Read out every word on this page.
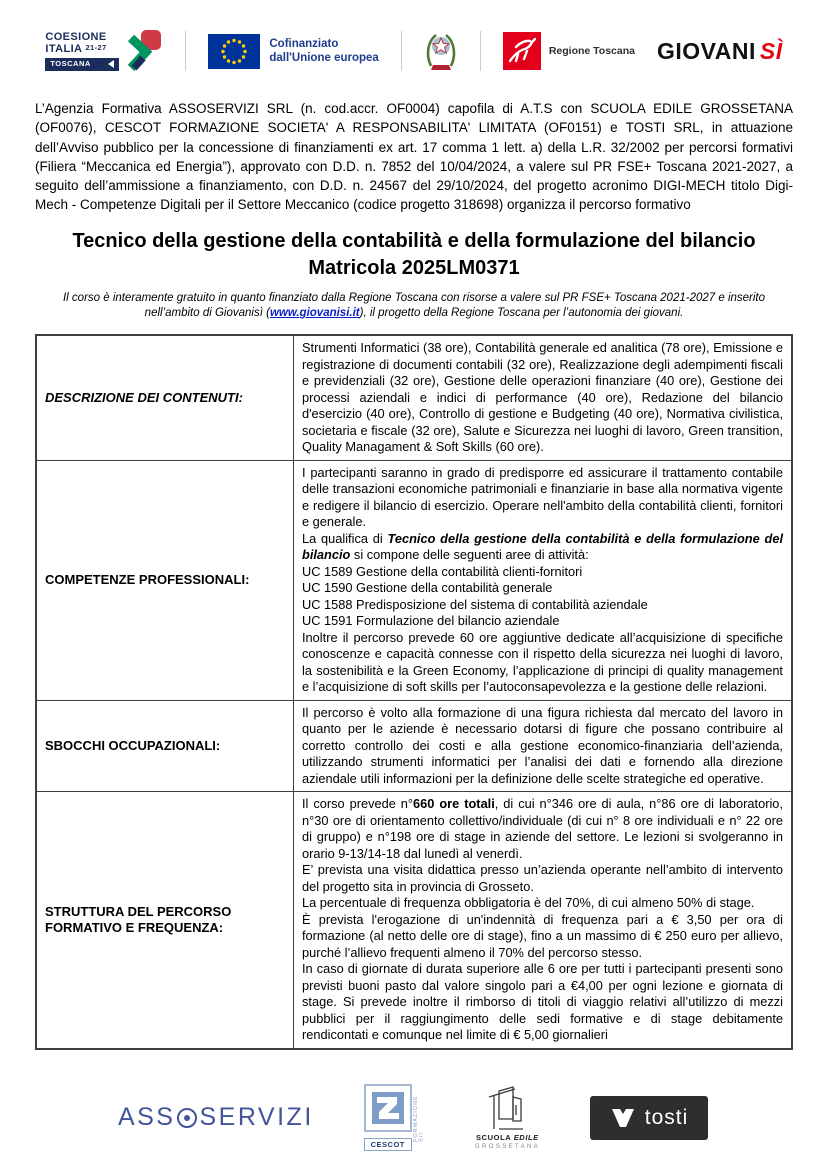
COESIONE
ITALIA $^{21-27}$
TOSCANA
Cofinanziato
dall'Unione europea
Regione Toscana GIOVANI SÌ

L’Agenzia Formativa ASSOSERVIZI SRL (n. cod.accr. OF0004) capofila di A.T.S con SCUOLA EDILE GROSSETANA (OF0076), CESCOT FORMAZIONE SOCIETA' A RESPONSABILITA' LIMITATA (OF0151) e TOSTI SRL, in attuazione dell’Avviso pubblico per la concessione di finanziamenti ex art. 17 comma 1 lett. a) della L.R. 32/2002 per percorsi formativi (Filiera “Meccanica ed Energia”), approvato con D.D. n. 7852 del 10/04/2024, a valere sul PR FSE+ Toscana 2021-2027, a seguito dell’ammissione a finanziamento, con D.D. n. 24567 del 29/10/2024, del progetto acronimo DIGI-MECH titolo Digi-Mech - Competenze Digitali per il Settore Meccanico (codice progetto 318698) organizza il percorso formativo

Tecnico della gestione della contabilità e della formulazione del bilancio
Matricola 2025LM0371

Il corso è interamente gratuito in quanto finanziato dalla Regione Toscana con risorse a valere sul PR FSE+ Toscana 2021-2027 e inserito nell’ambito di Giovanisì (www.giovanisi.it), il progetto della Regione Toscana per l’autonomia dei giovani.

DESCRIZIONE DEI CONTENUTI:	Strumenti Informatici (38 ore), Contabilità generale ed analitica (78 ore), Emissione e registrazione di documenti contabili (32 ore), Realizzazione degli adempimenti fiscali e previdenziali (32 ore), Gestione delle operazioni finanziare (40 ore), Gestione dei processi aziendali e indici di performance (40 ore), Redazione del bilancio d'esercizio (40 ore), Controllo di gestione e Budgeting (40 ore), Normativa civilistica, societaria e fiscale (32 ore), Salute e Sicurezza nei luoghi di lavoro, Green transition, Quality Managament & Soft Skills (60 ore).

COMPETENZE PROFESSIONALI:	
I partecipanti saranno in grado di predisporre ed assicurare il trattamento contabile delle transazioni economiche patrimoniali e finanziarie in base alla normativa vigente e redigere il bilancio di esercizio. Operare nell'ambito della contabilità clienti, fornitori e generale.
La qualifica di Tecnico della gestione della contabilità e della formulazione del bilancio si compone delle seguenti aree di attività:
UC 1589 Gestione della contabilità clienti-fornitori
UC 1590 Gestione della contabilità generale
UC 1588 Predisposizione del sistema di contabilità aziendale
UC 1591 Formulazione del bilancio aziendale
Inoltre il percorso prevede 60 ore aggiuntive dedicate all’acquisizione di specifiche conoscenze e capacità connesse con il rispetto della sicurezza nei luoghi di lavoro, la sostenibilità e la Green Economy, l’applicazione di principi di quality management e l’acquisizione di soft skills per l’autoconsapevolezza e la gestione delle relazioni.

SBOCCHI OCCUPAZIONALI:	Il percorso è volto alla formazione di una figura richiesta dal mercato del lavoro in quanto per le aziende è necessario dotarsi di figure che possano contribuire al corretto controllo dei costi e alla gestione economico-finanziaria dell’azienda, utilizzando strumenti informatici per l’analisi dei dati e fornendo alla direzione aziendale utili informazioni per la definizione delle scelte strategiche ed operative.

STRUTTURA DEL PERCORSO FORMATIVO E FREQUENZA:	Il corso prevede n°660 ore totali, di cui n°346 ore di aula, n°86 ore di laboratorio, n°30 ore di orientamento collettivo/individuale (di cui n° 8 ore individuali e n° 22 ore di gruppo) e n°198 ore di stage in aziende del settore. Le lezioni si svolgeranno in orario 9-13/14-18 dal lunedì al venerdì.
E’ prevista una visita didattica presso un’azienda operante nell’ambito di intervento del progetto sita in provincia di Grosseto.
La percentuale di frequenza obbligatoria è del 70%, di cui almeno 50% di stage.
È prevista l'erogazione di un'indennità di frequenza pari a € 3,50 per ora di formazione (al netto delle ore di stage), fino a un massimo di € 250 euro per allievo, purché l’allievo frequenti almeno il 70% del percorso stesso.
In caso di giornate di durata superiore alle 6 ore per tutti i partecipanti presenti sono previsti buoni pasto dal valore singolo pari a €4,00 per ogni lezione e giornata di stage. Si prevede inoltre il rimborso di titoli di viaggio relativi all’utilizzo di mezzi pubblici per il raggiungimento delle sedi formative e di stage debitamente rendicontati e comunque nel limite di € 5,00 giornalieri
ASS SERVIZI
CESCOT
FORMAZIONE Srl	SCUOLA EDILE
GROSSETANA
tosti
